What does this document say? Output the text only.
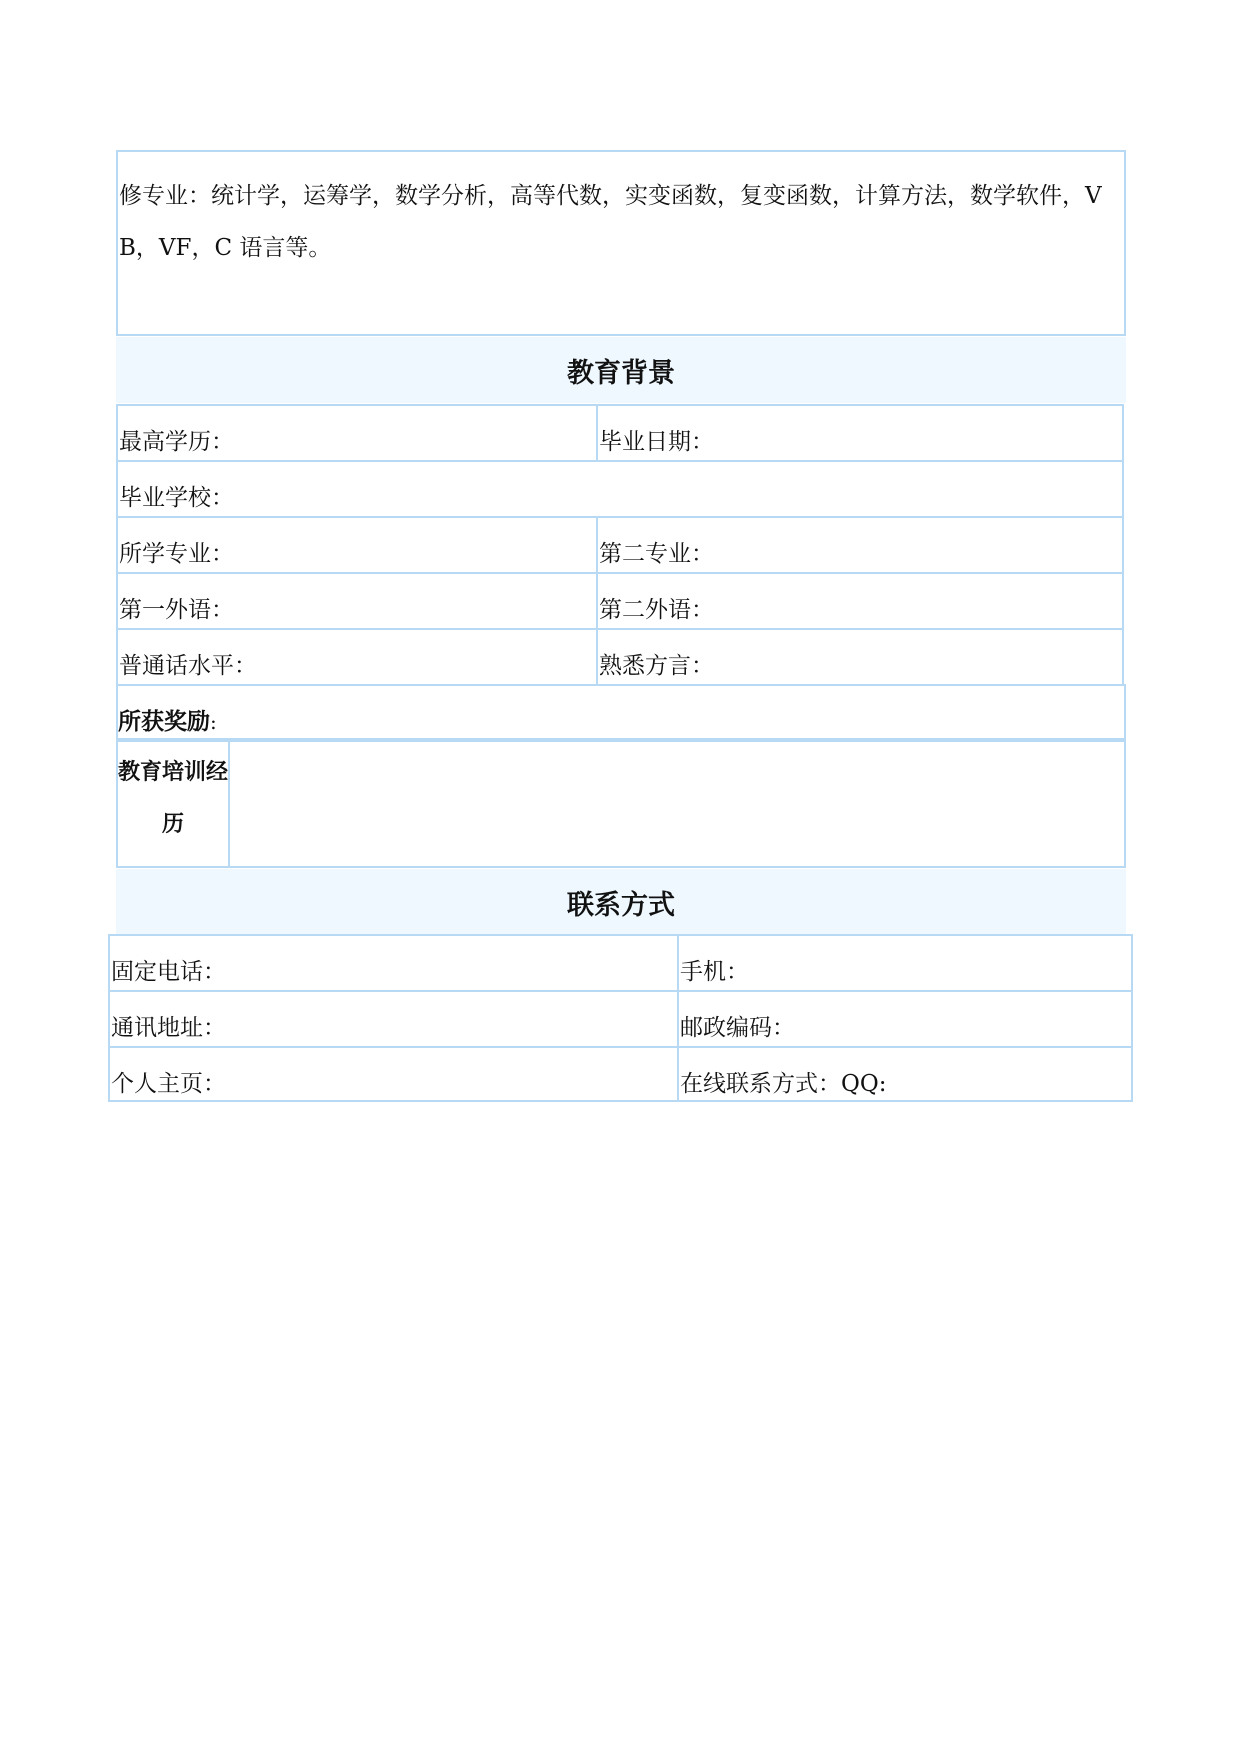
修专业：统计学，运筹学，数学分析，高等代数，实变函数，复变函数，计算方法，数学软件，VB，VF，C 语言等。
教育背景
最高学历：	毕业日期：
毕业学校：
所学专业：	第二专业：
第一外语：	第二外语：
普通话水平：	熟悉方言：
所获奖励:
教育培训经历
联系方式
固定电话：	手机：
通讯地址：	邮政编码：
个人主页：	在线联系方式：QQ:
